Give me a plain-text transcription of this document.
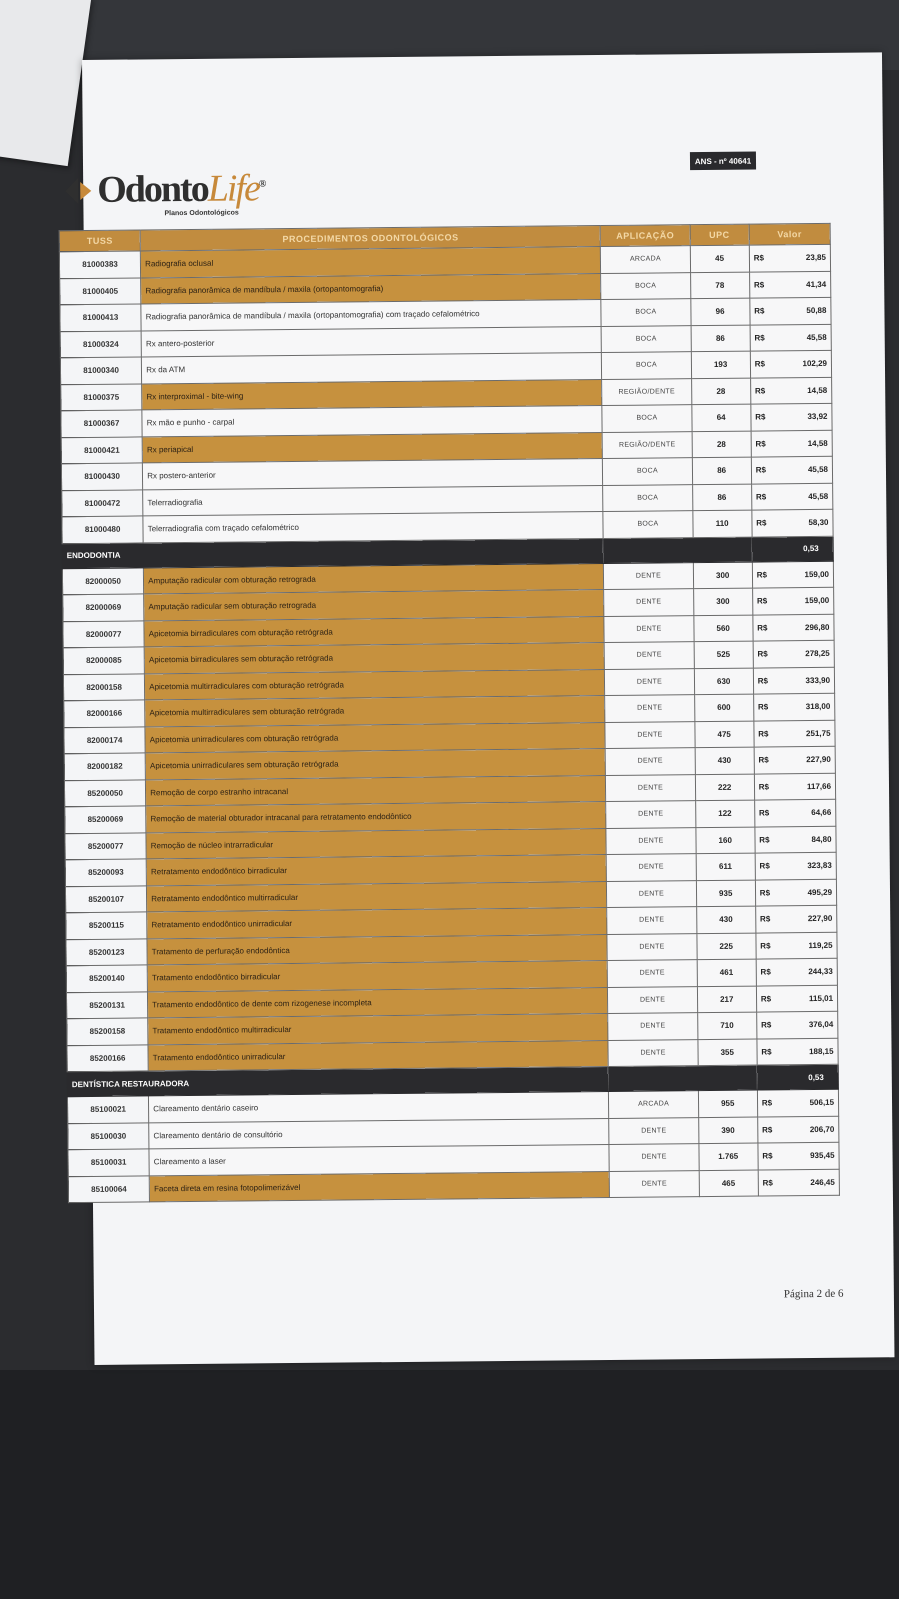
ANS - nº 40641
OdontoLife®
Planos Odontológicos
TUSS	PROCEDIMENTOS ODONTOLÓGICOS	APLICAÇÃO	UPC	Valor
81000383	Radiografia oclusal	ARCADA	45	R$ 23,85

81000405	Radiografia panorâmica de mandíbula / maxila (ortopantomografia)	BOCA	78	R$ 41,34

81000413	Radiografia panorâmica de mandíbula / maxila (ortopantomografia) com traçado cefalométrico	BOCA	96	R$ 50,88

81000324	Rx antero-posterior	BOCA	86	R$ 45,58

81000340	Rx da ATM	BOCA	193	R$ 102,29

81000375	Rx interproximal - bite-wing	REGIÃO/DENTE	28	R$ 14,58

81000367	Rx mão e punho - carpal	BOCA	64	R$ 33,92

81000421	Rx periapical	REGIÃO/DENTE	28	R$ 14,58

81000430	Rx postero-anterior	BOCA	86	R$ 45,58

81000472	Telerradiografia	BOCA	86	R$ 45,58

81000480	Telerradiografia com traçado cefalométrico	BOCA	110	R$ 58,30

ENDODONTIA				0,53
82000050	Amputação radicular com obturação retrograda	DENTE	300	R$ 159,00

82000069	Amputação radicular sem obturação retrograda	DENTE	300	R$ 159,00

82000077	Apicetomia birradiculares com obturação retrógrada	DENTE	560	R$ 296,80

82000085	Apicetomia birradiculares sem obturação retrógrada	DENTE	525	R$ 278,25

82000158	Apicetomia multirradiculares com obturação retrógrada	DENTE	630	R$ 333,90

82000166	Apicetomia multirradiculares sem obturação retrógrada	DENTE	600	R$ 318,00

82000174	Apicetomia unirradiculares com obturação retrógrada	DENTE	475	R$ 251,75

82000182	Apicetomia unirradiculares sem obturação retrógrada	DENTE	430	R$ 227,90

85200050	Remoção de corpo estranho intracanal	DENTE	222	R$ 117,66

85200069	Remoção de material obturador intracanal para retratamento endodôntico	DENTE	122	R$ 64,66

85200077	Remoção de núcleo intrarradicular	DENTE	160	R$ 84,80

85200093	Retratamento endodôntico birradicular	DENTE	611	R$ 323,83

85200107	Retratamento endodôntico multirradicular	DENTE	935	R$ 495,29

85200115	Retratamento endodôntico unirradicular	DENTE	430	R$ 227,90

85200123	Tratamento de perfuração endodôntica	DENTE	225	R$ 119,25

85200140	Tratamento endodôntico birradicular	DENTE	461	R$ 244,33

85200131	Tratamento endodôntico de dente com rizogenese incompleta	DENTE	217	R$ 115,01

85200158	Tratamento endodôntico multirradicular	DENTE	710	R$ 376,04

85200166	Tratamento endodôntico unirradicular	DENTE	355	R$ 188,15

DENTÍSTICA RESTAURADORA				0,53
85100021	Clareamento dentário caseiro	ARCADA	955	R$ 506,15

85100030	Clareamento dentário de consultório	DENTE	390	R$ 206,70

85100031	Clareamento a laser	DENTE	1.765	R$ 935,45

85100064	Faceta direta em resina fotopolimerizável	DENTE	465	R$ 246,45
Página 2 de 6
